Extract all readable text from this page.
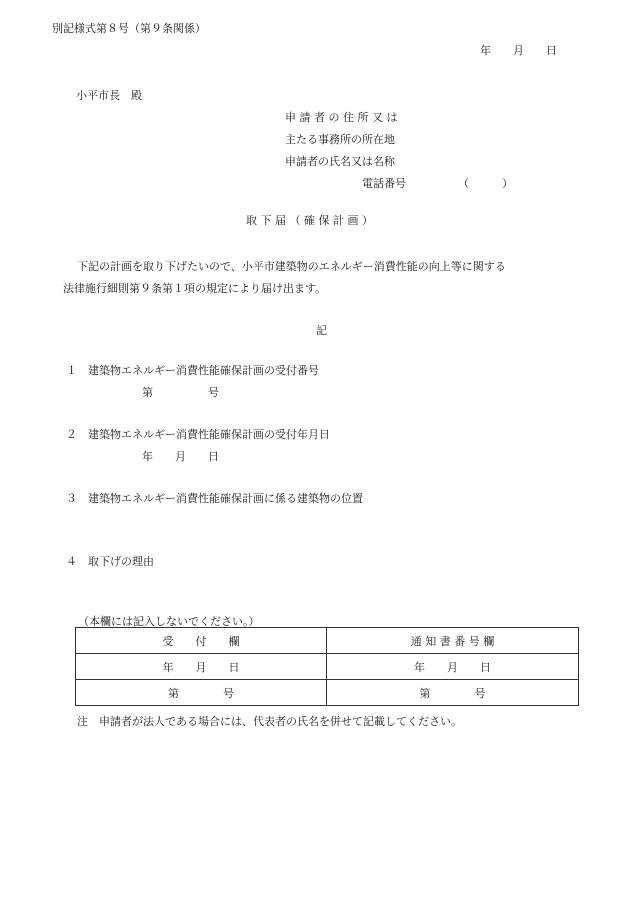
別記様式第８号（第９条関係）
年　　月　　日
小平市長　殿
申 請 者 の 住 所 又 は
主たる事務所の所在地
申請者の氏名又は名称
電話番号	（　　　）
取 下 届 （ 確 保 計 画 ）
下記の計画を取り下げたいので、小平市建築物のエネルギー消費性能の向上等に関する
法律施行細則第９条第１項の規定により届け出ます。
記
１ 建築物エネルギー消費性能確保計画の受付番号
第　　　　　号
２ 建築物エネルギー消費性能確保計画の受付年月日
年　　月　　日
３ 建築物エネルギー消費性能確保計画に係る建築物の位置
４ 取下げの理由
（本欄には記入しないでください。）
受　　付　　欄	通 知 書 番 号 欄
年　　月　　日	年　　月　　日
第　　　　号	第　　　　号
注　申請者が法人である場合には、代表者の氏名を併せて記載してください。
